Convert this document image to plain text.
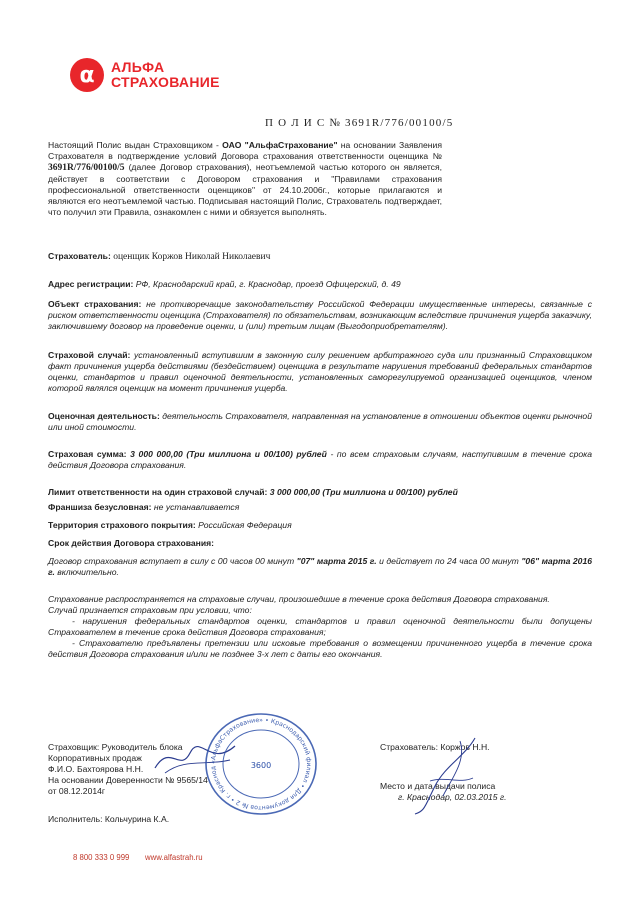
α	АЛЬФА
СТРАХОВАНИЕ
П О Л И С № 3691R/776/00100/5
Настоящий Полис выдан Страховщиком - ОАО "АльфаСтрахование" на основании Заявления Страхователя в подтверждение условий Договора страхования ответственности оценщика № 3691R/776/00100/5 (далее Договор страхования), неотъемлемой частью которого он является, действует в соответствии с Договором страхования и "Правилами страхования профессиональной ответственности оценщиков" от 24.10.2006г., которые прилагаются и являются его неотъемлемой частью. Подписывая настоящий Полис, Страхователь подтверждает, что получил эти Правила, ознакомлен с ними и обязуется выполнять.
Страхователь: оценщик Коржов Николай Николаевич
Адрес регистрации: РФ, Краснодарский край, г. Краснодар, проезд Офицерский, д. 49
Объект страхования: не противоречащие законодательству Российской Федерации имущественные интересы, связанные с риском ответственности оценщика (Страхователя) по обязательствам, возникающим вследствие причинения ущерба заказчику, заключившему договор на проведение оценки, и (или) третьим лицам (Выгодоприобретателям).
Страховой случай: установленный вступившим в законную силу решением арбитражного суда или признанный Страховщиком факт причинения ущерба действиями (бездействием) оценщика в результате нарушения требований федеральных стандартов оценки, стандартов и правил оценочной деятельности, установленных саморегулируемой организацией оценщиков, членом которой являлся оценщик на момент причинения ущерба.
Оценочная деятельность: деятельность Страхователя, направленная на установление в отношении объектов оценки рыночной или иной стоимости.
Страховая сумма: 3 000 000,00 (Три миллиона и 00/100) рублей - по всем страховым случаям, наступившим в течение срока действия Договора страхования.
Лимит ответственности на один страховой случай: 3 000 000,00 (Три миллиона и 00/100) рублей
Франшиза безусловная: не устанавливается
Территория страхового покрытия: Российская Федерация
Срок действия Договора страхования:
Договор страхования вступает в силу с 00 часов 00 минут "07" марта 2015 г. и действует по 24 часа 00 минут "06" марта 2016 г. включительно.
Страхование распространяется на страховые случаи, произошедшие в течение срока действия Договора страхования.
Случай признается страховым при условии, что:
- нарушения федеральных стандартов оценки, стандартов и правил оценочной деятельности были допущены Страхователем в течение срока действия Договора страхования;
- Страхователю предъявлены претензии или исковые требования о возмещении причиненного ущерба в течение срока действия Договора страхования и/или не позднее 3-х лет с даты его окончания.
Страховщик: Руководитель блока
Корпоративных продаж
Ф.И.О. Бахтоярова Н.Н.
На основании Доверенности № 9565/14
от 08.12.2014г
Исполнитель: Кольчурина К.А.
Страхователь: Коржов Н.Н.
Место и дата выдачи полиса
г. Краснодар, 02.03.2015 г.
«АльфаСтрахование» • Краснодарский филиал • Для документов № 2 • г. Краснод	3600
8 800 333 0 999 www.alfastrah.ru
